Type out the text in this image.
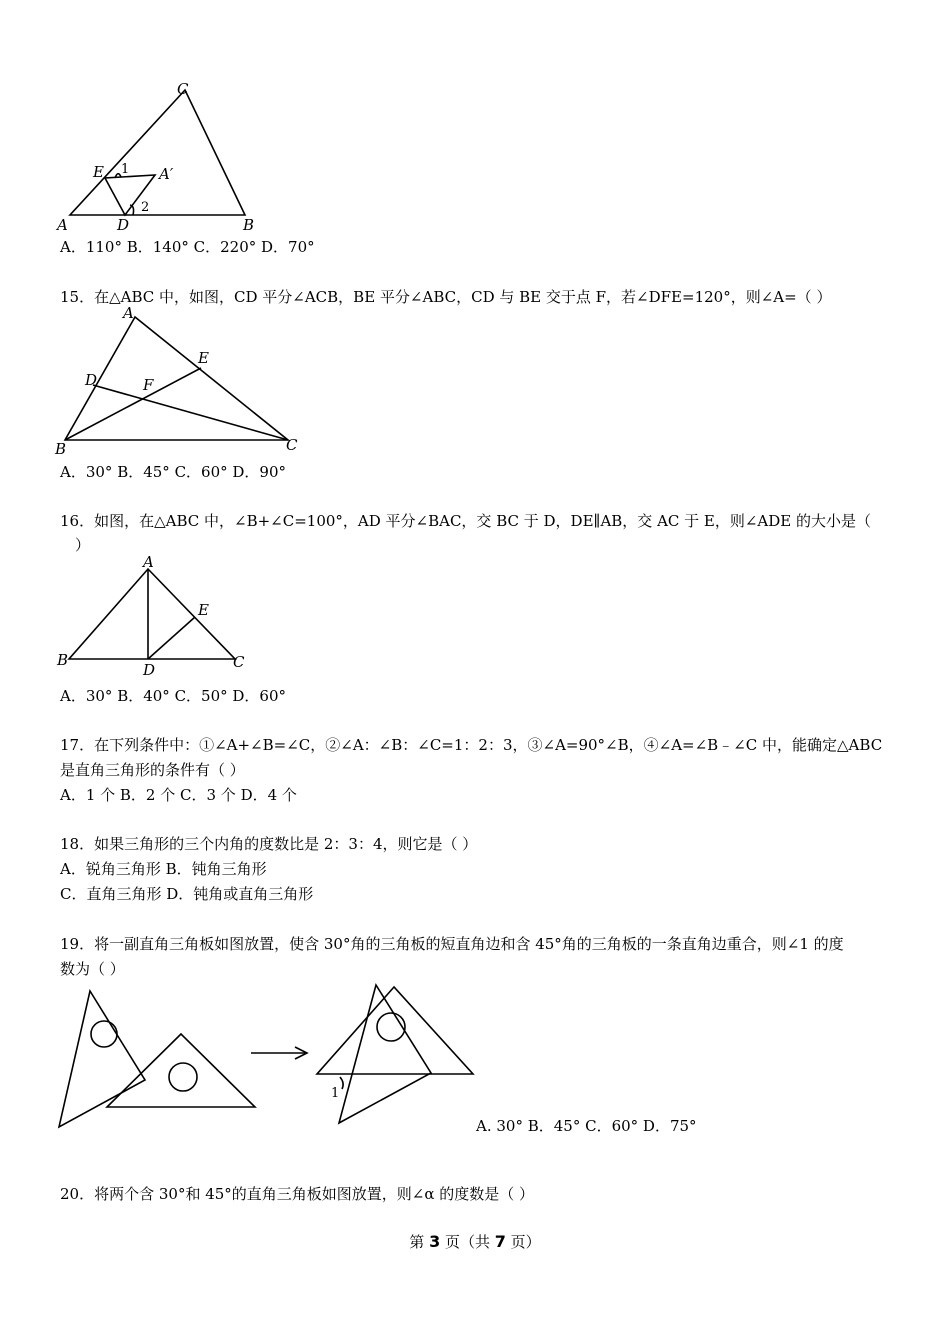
C
E 1 A′
2
A	D	B
A．110° B．140° C．220° D．70°
15．在△ABC 中，如图，CD 平分∠ACB，BE 平分∠ABC，CD 与 BE 交于点 F，若∠DFE=120°，则∠A=（ ）
A
E
D	F
B	C
A．30° B．45° C．60° D．90°
16．如图，在△ABC 中，∠B+∠C=100°，AD 平分∠BAC，交 BC 于 D，DE∥AB，交 AC 于 E，则∠ADE 的大小是（
）
A
E
B
D	C
A．30° B．40° C．50° D．60°
17．在下列条件中：①∠A+∠B=∠C，②∠A：∠B：∠C=1：2：3，③∠A=90°∠B，④∠A=∠B﹣∠C 中，能确定△ABC
是直角三角形的条件有（ ）
A．1 个 B．2 个 C．3 个 D．4 个
18．如果三角形的三个内角的度数比是 2：3：4，则它是（ ）
A．锐角三角形 B．钝角三角形
C．直角三角形 D．钝角或直角三角形
19．将一副直角三角板如图放置，使含 30°角的三角板的短直角边和含 45°角的三角板的一条直角边重合，则∠1 的度
数为（ ）
1
A. 30° B．45° C．60° D．75°
20．将两个含 30°和 45°的直角三角板如图放置，则∠α 的度数是（ ）
第 3 页（共 7 页）
